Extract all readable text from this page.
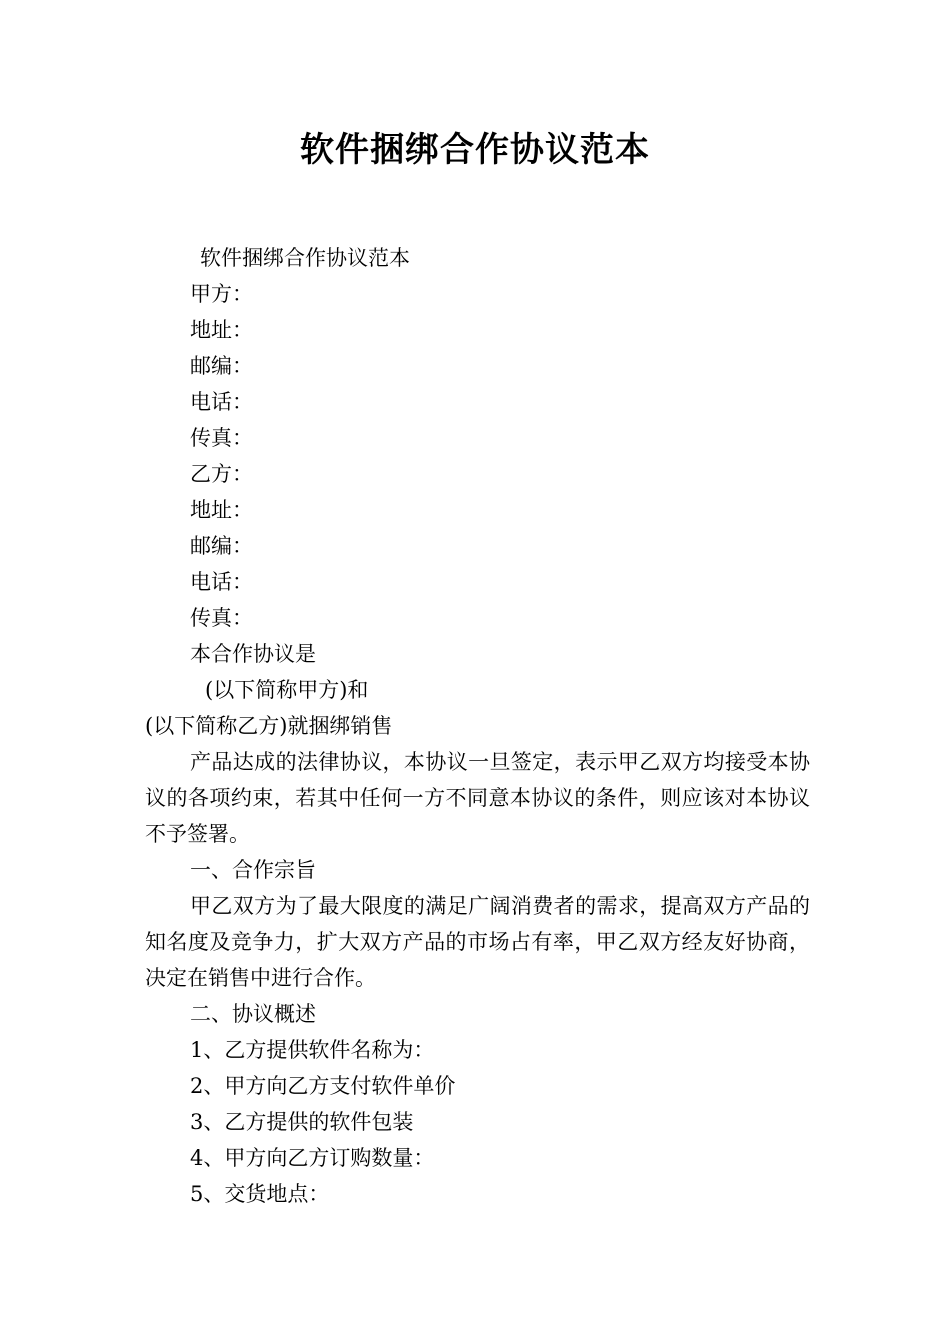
软件捆绑合作协议范本

软件捆绑合作协议范本

甲方：

地址：

邮编：

电话：

传真：

乙方：

地址：

邮编：

电话：

传真：

本合作协议是

(以下简称甲方)和

(以下简称乙方)就捆绑销售

产品达成的法律协议，本协议一旦签定，表示甲乙双方均接受本协议的各项约束，若其中任何一方不同意本协议的条件，则应该对本协议不予签署。

一、合作宗旨

甲乙双方为了最大限度的满足广阔消费者的需求，提高双方产品的知名度及竞争力，扩大双方产品的市场占有率，甲乙双方经友好协商，决定在销售中进行合作。

二、协议概述

1、乙方提供软件名称为：

2、甲方向乙方支付软件单价

3、乙方提供的软件包装

4、甲方向乙方订购数量：

5、交货地点：
